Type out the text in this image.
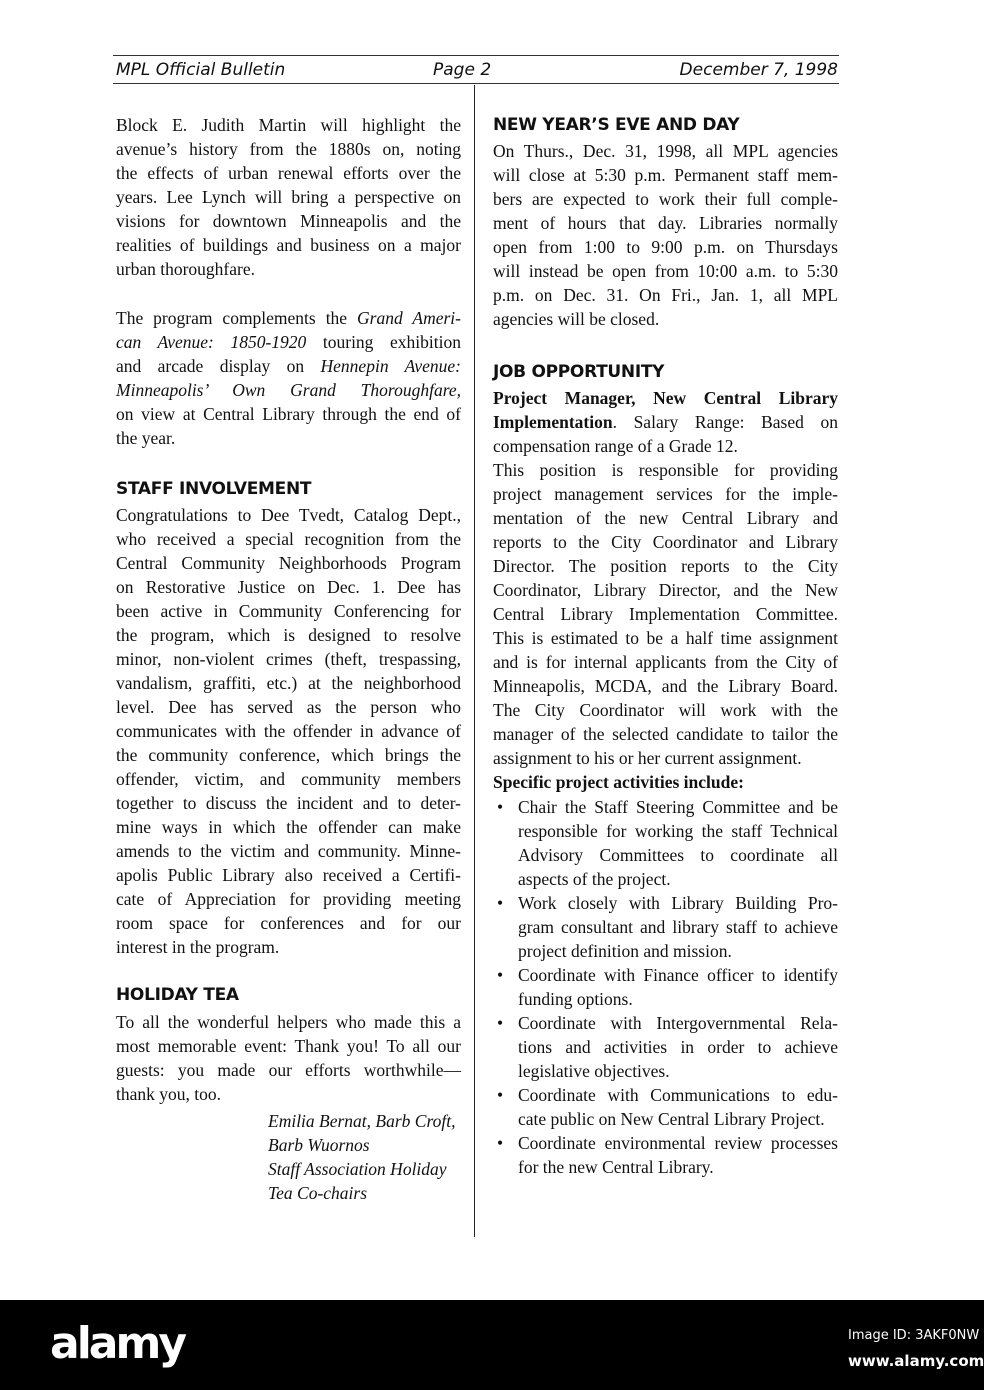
MPL Official Bulletin	Page 2	December 7, 1998
Block E. Judith Martin will highlight the
avenue’s history from the 1880s on, noting
the effects of urban renewal efforts over the
years. Lee Lynch will bring a perspective on
visions for downtown Minneapolis and the
realities of buildings and business on a major
urban thoroughfare.
The program complements the Grand Ameri-
can Avenue: 1850-1920 touring exhibition
and arcade display on Hennepin Avenue:
Minneapolis’ Own Grand Thoroughfare,
on view at Central Library through the end of
the year.
STAFF INVOLVEMENT
Congratulations to Dee Tvedt, Catalog Dept.,
who received a special recognition from the
Central Community Neighborhoods Program
on Restorative Justice on Dec. 1. Dee has
been active in Community Conferencing for
the program, which is designed to resolve
minor, non-violent crimes (theft, trespassing,
vandalism, graffiti, etc.) at the neighborhood
level. Dee has served as the person who
communicates with the offender in advance of
the community conference, which brings the
offender, victim, and community members
together to discuss the incident and to deter-
mine ways in which the offender can make
amends to the victim and community. Minne-
apolis Public Library also received a Certifi-
cate of Appreciation for providing meeting
room space for conferences and for our
interest in the program.
HOLIDAY TEA
To all the wonderful helpers who made this a
most memorable event: Thank you! To all our
guests: you made our efforts worthwhile—
thank you, too.
Emilia Bernat, Barb Croft,
Barb Wuornos
Staff Association Holiday
Tea Co-chairs
NEW YEAR’S EVE AND DAY
On Thurs., Dec. 31, 1998, all MPL agencies
will close at 5:30 p.m. Permanent staff mem-
bers are expected to work their full comple-
ment of hours that day. Libraries normally
open from 1:00 to 9:00 p.m. on Thursdays
will instead be open from 10:00 a.m. to 5:30
p.m. on Dec. 31. On Fri., Jan. 1, all MPL
agencies will be closed.
JOB OPPORTUNITY
Project Manager, New Central Library
Implementation. Salary Range: Based on
compensation range of a Grade 12.
This position is responsible for providing
project management services for the imple-
mentation of the new Central Library and
reports to the City Coordinator and Library
Director. The position reports to the City
Coordinator, Library Director, and the New
Central Library Implementation Committee.
This is estimated to be a half time assignment
and is for internal applicants from the City of
Minneapolis, MCDA, and the Library Board.
The City Coordinator will work with the
manager of the selected candidate to tailor the
assignment to his or her current assignment.
Specific project activities include:
• Chair the Staff Steering Committee and be
responsible for working the staff Technical
Advisory Committees to coordinate all
aspects of the project.
• Work closely with Library Building Pro-
gram consultant and library staff to achieve
project definition and mission.
• Coordinate with Finance officer to identify
funding options.
• Coordinate with Intergovernmental Rela-
tions and activities in order to achieve
legislative objectives.
• Coordinate with Communications to edu-
cate public on New Central Library Project.
• Coordinate environmental review processes
for the new Central Library.
alamy	Image ID: 3AKF0NW
www.alamy.com
